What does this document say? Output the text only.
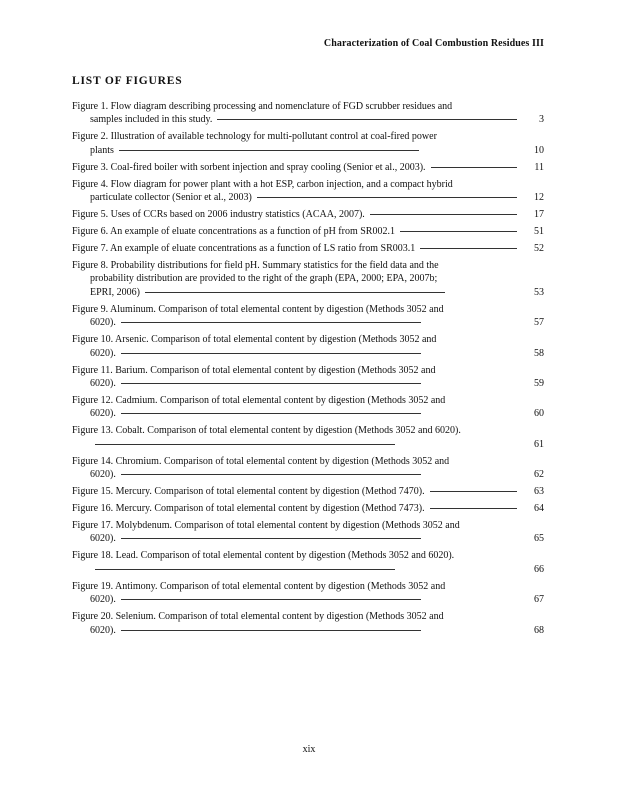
Characterization of Coal Combustion Residues III
LIST OF FIGURES
Figure 1. Flow diagram describing processing and nomenclature of FGD scrubber residues and
samples included in this study.	3
Figure 2. Illustration of available technology for multi-pollutant control at coal-fired power
plants	10
Figure 3. Coal-fired boiler with sorbent injection and spray cooling (Senior et al., 2003).	11
Figure 4. Flow diagram for power plant with a hot ESP, carbon injection, and a compact hybrid
particulate collector (Senior et al., 2003)	12
Figure 5. Uses of CCRs based on 2006 industry statistics (ACAA, 2007).	17
Figure 6. An example of eluate concentrations as a function of pH from SR002.1	51
Figure 7. An example of eluate concentrations as a function of LS ratio from SR003.1	52
Figure 8. Probability distributions for field pH. Summary statistics for the field data and the
probability distribution are provided to the right of the graph (EPA, 2000; EPA, 2007b;
EPRI, 2006)	53
Figure 9. Aluminum. Comparison of total elemental content by digestion (Methods 3052 and
6020).	57
Figure 10. Arsenic. Comparison of total elemental content by digestion (Methods 3052 and
6020).	58
Figure 11. Barium. Comparison of total elemental content by digestion (Methods 3052 and
6020).	59
Figure 12. Cadmium. Comparison of total elemental content by digestion (Methods 3052 and
6020).	60
Figure 13. Cobalt. Comparison of total elemental content by digestion (Methods 3052 and 6020).
61
Figure 14. Chromium. Comparison of total elemental content by digestion (Methods 3052 and
6020).	62
Figure 15. Mercury. Comparison of total elemental content by digestion (Method 7470).	63
Figure 16. Mercury. Comparison of total elemental content by digestion (Method 7473).	64
Figure 17. Molybdenum. Comparison of total elemental content by digestion (Methods 3052 and
6020).	65
Figure 18. Lead. Comparison of total elemental content by digestion (Methods 3052 and 6020).
66
Figure 19. Antimony. Comparison of total elemental content by digestion (Methods 3052 and
6020).	67
Figure 20. Selenium. Comparison of total elemental content by digestion (Methods 3052 and
6020).	68
xix
